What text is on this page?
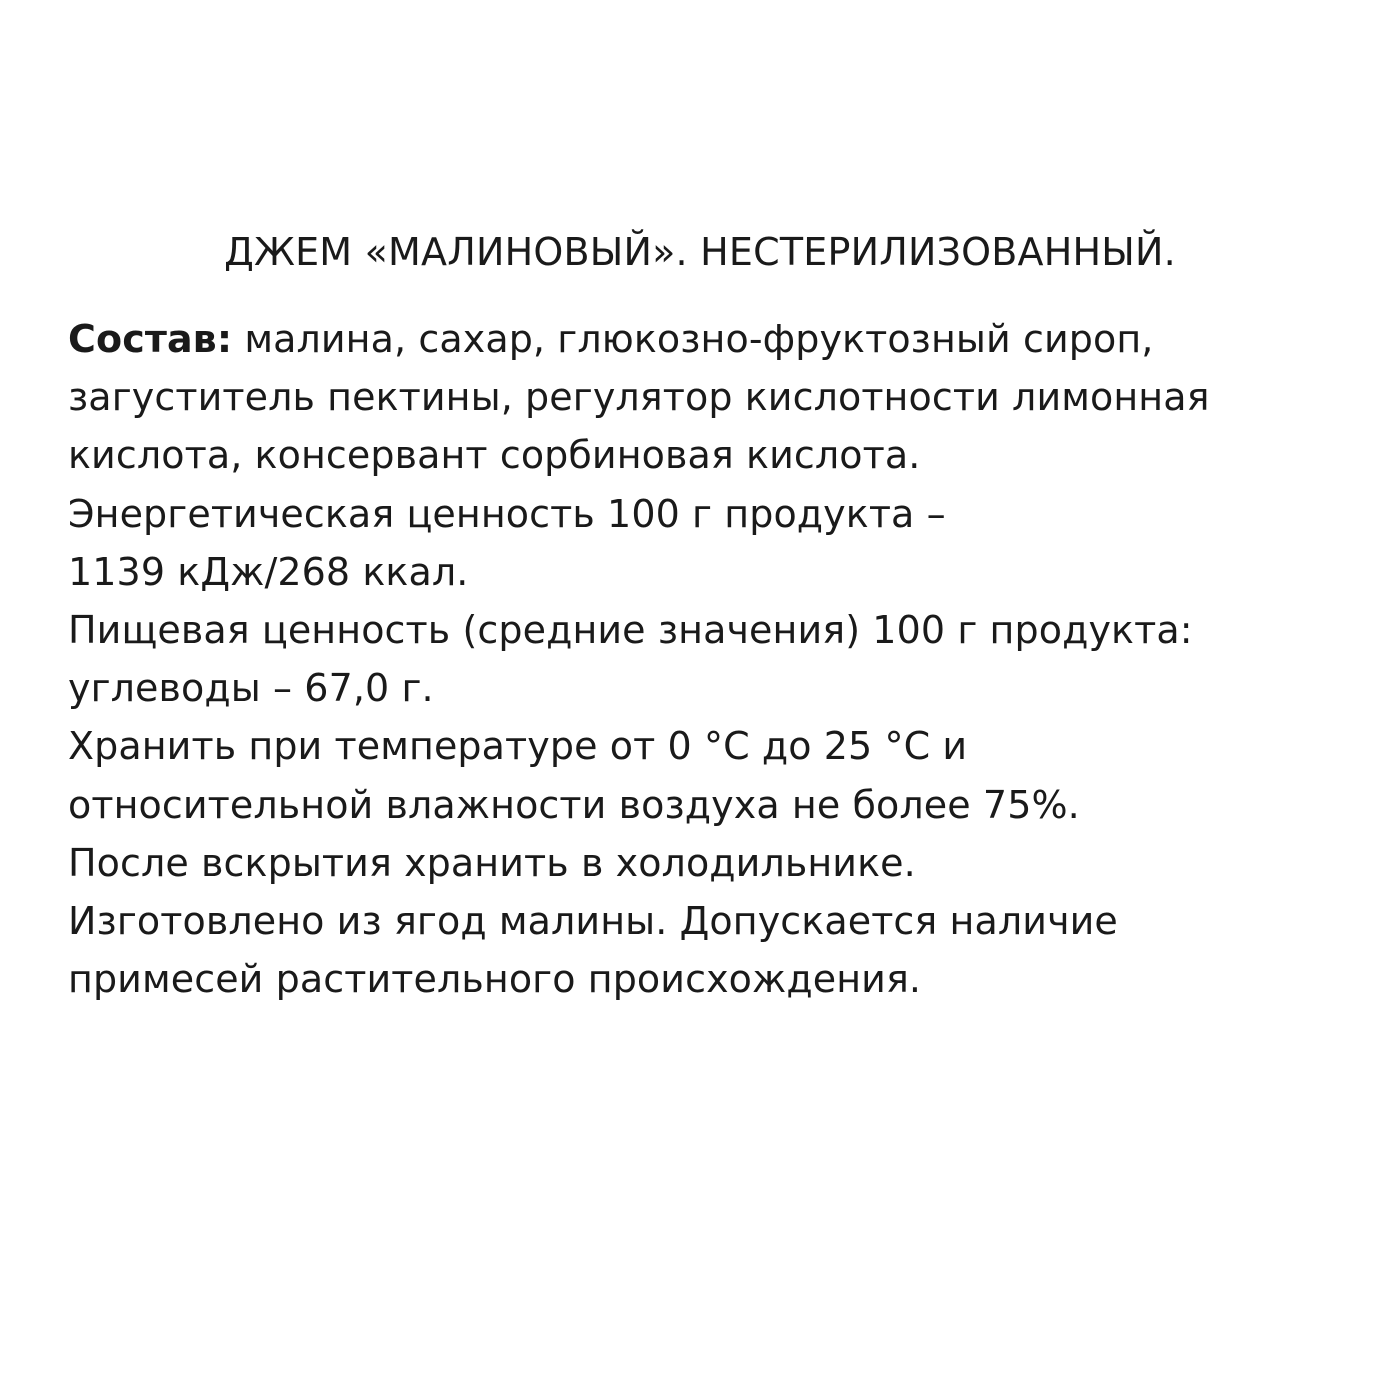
ДЖЕМ «МАЛИНОВЫЙ». НЕСТЕРИЛИЗОВАННЫЙ.
Состав: малина, сахар, глюкозно-фруктозный сироп,
загуститель пектины, регулятор кислотности лимонная
кислота, консервант сорбиновая кислота.
Энергетическая ценность 100 г продукта –
1139 кДж/268 ккал.
Пищевая ценность (средние значения) 100 г продукта:
углеводы – 67,0 г.
Хранить при температуре от 0 °С до 25 °С и
относительной влажности воздуха не более 75%.
После вскрытия хранить в холодильнике.
Изготовлено из ягод малины. Допускается наличие
примесей растительного происхождения.
